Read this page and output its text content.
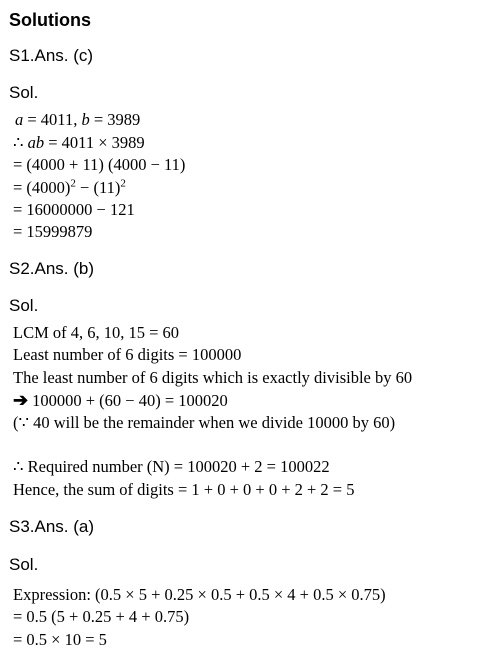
Solutions
S1.Ans. (c)
Sol.
a = 4011, b = 3989
∴ ab = 4011 × 3989
= (4000 + 11) (4000 − 11)
= $(4000)^2 - (11)^2$
= 16000000 − 121
= 15999879
S2.Ans. (b)
Sol.
LCM of 4, 6, 10, 15 = 60
Least number of 6 digits = 100000
The least number of 6 digits which is exactly divisible by 60
➔ 100000 + (60 − 40) = 100020
(∵ 40 will be the remainder when we divide 10000 by 60)
∴ Required number (N) = 100020 + 2 = 100022
Hence, the sum of digits = 1 + 0 + 0 + 0 + 2 + 2 = 5
S3.Ans. (a)
Sol.
Expression: (0.5 × 5 + 0.25 × 0.5 + 0.5 × 4 + 0.5 × 0.75)
= 0.5 (5 + 0.25 + 4 + 0.75)
= 0.5 × 10 = 5
